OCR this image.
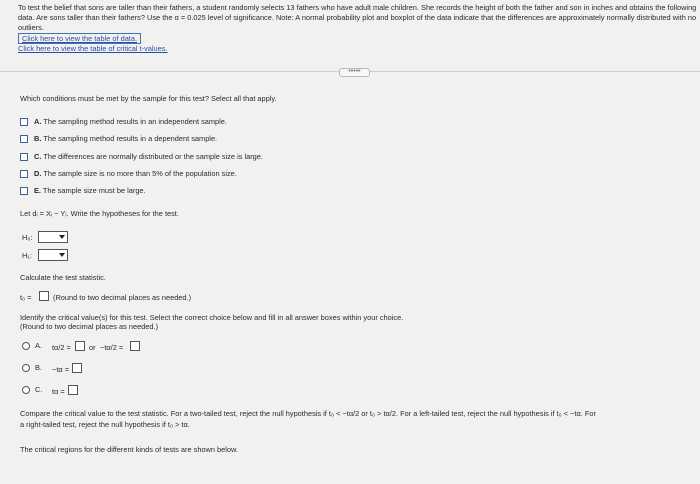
To test the belief that sons are taller than their fathers, a student randomly selects 13 fathers who have adult male children. She records the height of both the father and son in inches and obtains the following data. Are sons taller than their fathers? Use the α = 0.025 level of significance. Note: A normal probability plot and boxplot of the data indicate that the differences are approximately normally distributed with no outliers.
Click here to view the table of data.
Click here to view the table of critical t-values.
•••••
Which conditions must be met by the sample for this test? Select all that apply.
A. The sampling method results in an independent sample.
B. The sampling method results in a dependent sample.
C. The differences are normally distributed or the sample size is large.
D. The sample size is no more than 5% of the population size.
E. The sample size must be large.
Let dᵢ = Xᵢ − Yᵢ. Write the hypotheses for the test.
H₀:
H₁:
Calculate the test statistic.
t₀ =	(Round to two decimal places as needed.)
Identify the critical value(s) for this test. Select the correct choice below and fill in all answer boxes within your choice.
(Round to two decimal places as needed.)
A. tα/2 = or −tα/2 =
B. −tα =
C. tα =
Compare the critical value to the test statistic. For a two-tailed test, reject the null hypothesis if t₀ < −tα/2 or t₀ > tα/2. For a left-tailed test, reject the null hypothesis if t₀ < −tα. For
a right-tailed test, reject the null hypothesis if t₀ > tα.
The critical regions for the different kinds of tests are shown below.
